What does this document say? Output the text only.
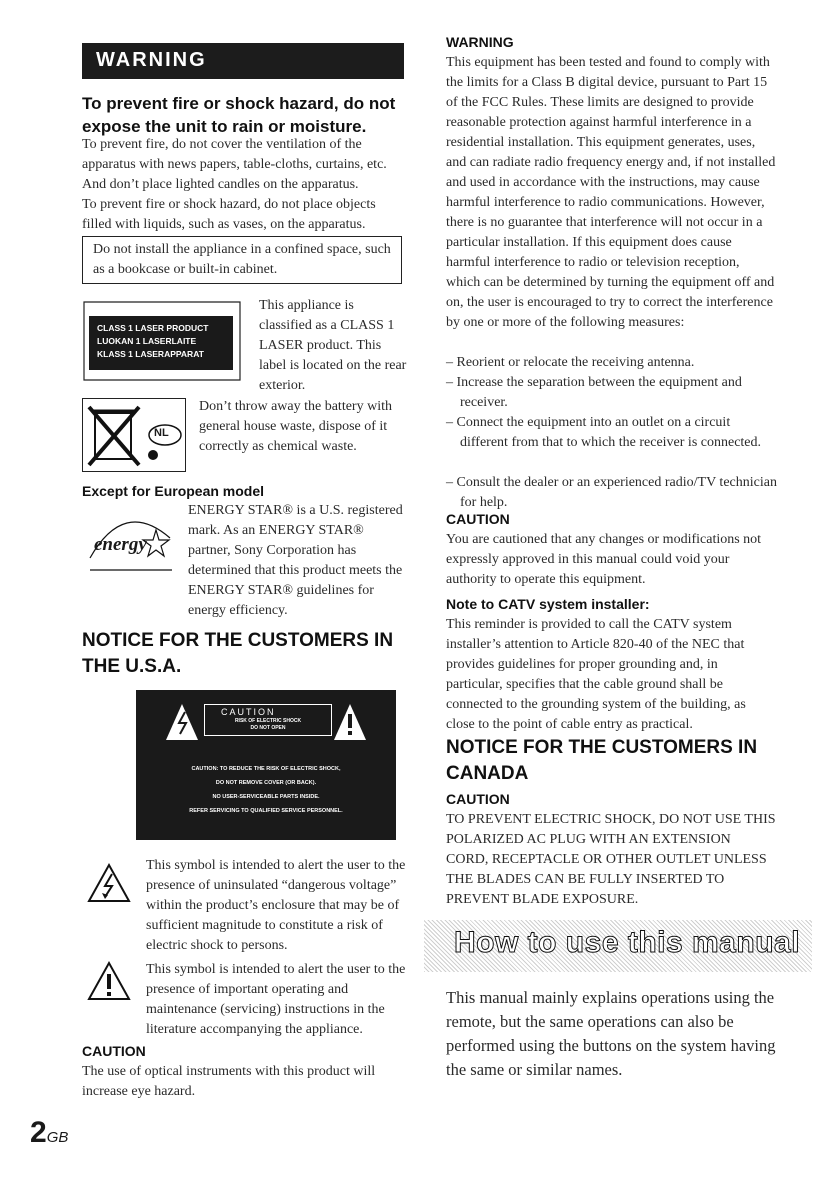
WARNING
To prevent fire or shock hazard, do not expose the unit to rain or moisture.
To prevent fire, do not cover the ventilation of the apparatus with news papers, table-cloths, curtains, etc. And don’t place lighted candles on the apparatus.
To prevent fire or shock hazard, do not place objects filled with liquids, such as vases, on the apparatus.
Do not install the appliance in a confined space, such as a bookcase or built-in cabinet.
CLASS 1 LASER PRODUCT
LUOKAN 1 LASERLAITE
KLASS 1 LASERAPPARAT
This appliance is classified as a CLASS 1 LASER product. This label is located on the rear exterior.
NL
Don’t throw away the battery with general house waste, dispose of it correctly as chemical waste.
Except for European model
energy
ENERGY STAR® is a U.S. registered mark. As an ENERGY STAR® partner, Sony Corporation has determined that this product meets the ENERGY STAR® guidelines for energy efficiency.
NOTICE FOR THE CUSTOMERS IN THE U.S.A.
CAUTION
RISK OF ELECTRIC SHOCK
DO NOT OPEN
CAUTION: TO REDUCE THE RISK OF ELECTRIC SHOCK,
DO NOT REMOVE COVER (OR BACK).
NO USER-SERVICEABLE PARTS INSIDE.
REFER SERVICING TO QUALIFIED SERVICE PERSONNEL.
This symbol is intended to alert the user to the presence of uninsulated “dangerous voltage” within the product’s enclosure that may be of sufficient magnitude to constitute a risk of electric shock to persons.
This symbol is intended to alert the user to the presence of important operating and maintenance (servicing) instructions in the literature accompanying the appliance.
CAUTION
The use of optical instruments with this product will increase eye hazard.
2GB
WARNING
This equipment has been tested and found to comply with the limits for a Class B digital device, pursuant to Part 15 of the FCC Rules. These limits are designed to provide reasonable protection against harmful interference in a residential installation. This equipment generates, uses, and can radiate radio frequency energy and, if not installed and used in accordance with the instructions, may cause harmful interference to radio communications. However, there is no guarantee that interference will not occur in a particular installation. If this equipment does cause harmful interference to radio or television reception, which can be determined by turning the equipment off and on, the user is encouraged to try to correct the interference by one or more of the following measures:
– Reorient or relocate the receiving antenna.
– Increase the separation between the equipment and receiver.
– Connect the equipment into an outlet on a circuit different from that to which the receiver is connected.
– Consult the dealer or an experienced radio/TV technician for help.
CAUTION
You are cautioned that any changes or modifications not expressly approved in this manual could void your authority to operate this equipment.
Note to CATV system installer:
This reminder is provided to call the CATV system installer’s attention to Article 820-40 of the NEC that provides guidelines for proper grounding and, in particular, specifies that the cable ground shall be connected to the grounding system of the building, as close to the point of cable entry as practical.
NOTICE FOR THE CUSTOMERS IN CANADA
CAUTION
TO PREVENT ELECTRIC SHOCK, DO NOT USE THIS POLARIZED AC PLUG WITH AN EXTENSION CORD, RECEPTACLE OR OTHER OUTLET UNLESS THE BLADES CAN BE FULLY INSERTED TO PREVENT BLADE EXPOSURE.
How to use this manual
This manual mainly explains operations using the remote, but the same operations can also be performed using the buttons on the system having the same or similar names.
